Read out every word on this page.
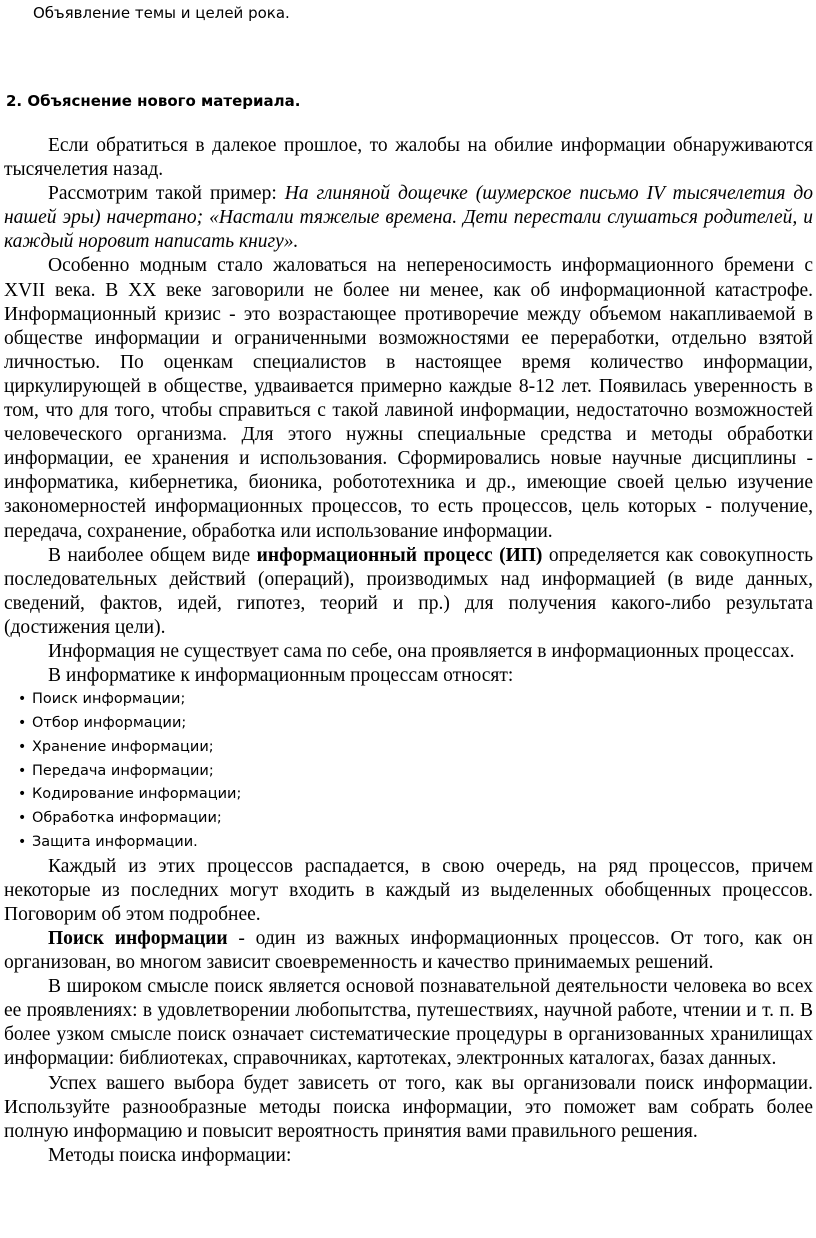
Объявление темы и целей рока.
2. Объяснение нового материала.

Если обратиться в далекое прошлое, то жалобы на обилие информации обнаруживаются тысячелетия назад.

Рассмотрим такой пример: На глиняной дощечке (шумерское письмо IV тысячелетия до нашей эры) начертано; «Настали тяжелые времена. Дети перестали слушаться родителей, и каждый норовит написать книгу».

Особенно модным стало жаловаться на непереносимость информационного бремени с XVII века. В XX веке заговорили не более ни менее, как об информационной катастрофе. Информационный кризис - это возрастающее противоречие между объемом накапливаемой в обществе информации и ограниченными возможностями ее переработки, отдельно взятой личностью. По оценкам специалистов в настоящее время количество информации, циркулирующей в обществе, удваивается примерно каждые 8-12 лет. Появилась уверенность в том, что для того, чтобы справиться с такой лавиной информации, недостаточно возможностей человеческого организма. Для этого нужны специальные средства и методы обработки информации, ее хранения и использования. Сформировались новые научные дисциплины - информатика, кибернетика, бионика, робототехника и др., имеющие своей целью изучение закономерностей информационных процессов, то есть процессов, цель которых - получение, передача, сохранение, обработка или использование информации.

В наиболее общем виде информационный процесс (ИП) определяется как совокупность последовательных действий (операций), производимых над информацией (в виде данных, сведений, фактов, идей, гипотез, теорий и пр.) для получения какого-либо результата (достижения цели).

Информация не существует сама по себе, она проявляется в информационных процессах.

В информатике к информационным процессам относят:

• Поиск информации;
• Отбор информации;
• Хранение информации;
• Передача информации;
• Кодирование информации;
• Обработка информации;
• Защита информации.

Каждый из этих процессов распадается, в свою очередь, на ряд процессов, причем некоторые из последних могут входить в каждый из выделенных обобщенных процессов. Поговорим об этом подробнее.

Поиск информации - один из важных информационных процессов. От того, как он организован, во многом зависит своевременность и качество принимаемых решений.

В широком смысле поиск является основой познавательной деятельности человека во всех ее проявлениях: в удовлетворении любопытства, путешествиях, научной работе, чтении и т. п. В более узком смысле поиск означает систематические процедуры в организованных хранилищах информации: библиотеках, справочниках, картотеках, электронных каталогах, базах данных.

Успех вашего выбора будет зависеть от того, как вы организовали поиск информации. Используйте разнообразные методы поиска информации, это поможет вам собрать более полную информацию и повысит вероятность принятия вами правильного решения.

Методы поиска информации:
